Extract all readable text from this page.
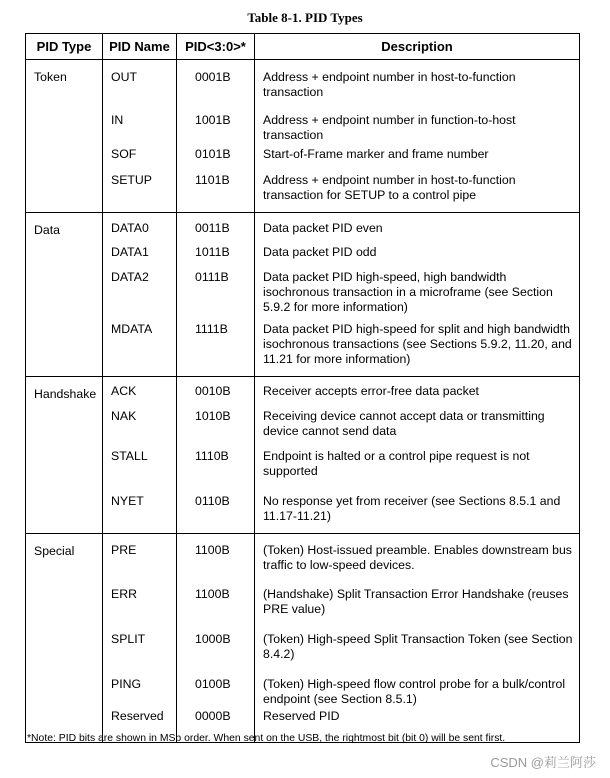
Table 8-1. PID Types
PID Type	PID Name	PID<3:0>*	Description
Token	OUT	0001B	Address + endpoint number in host-to-function transaction

	IN	1001B	Address + endpoint number in function-to-host transaction

	SOF	0101B	Start-of-Frame marker and frame number

	SETUP	1101B	Address + endpoint number in host-to-function transaction for SETUP to a control pipe

Data	DATA0	0011B	Data packet PID even

	DATA1	1011B	Data packet PID odd

	DATA2	0111B	Data packet PID high-speed, high bandwidth isochronous transaction in a microframe (see Section 5.9.2 for more information)

	MDATA	1111B	Data packet PID high-speed for split and high bandwidth isochronous transactions (see Sections 5.9.2, 11.20, and 11.21 for more information)

Handshake	ACK	0010B	Receiver accepts error-free data packet

	NAK	1010B	Receiving device cannot accept data or transmitting device cannot send data

	STALL	1110B	Endpoint is halted or a control pipe request is not supported

	NYET	0110B	No response yet from receiver (see Sections 8.5.1 and 11.17-11.21)

Special	PRE	1100B	(Token) Host-issued preamble. Enables downstream bus traffic to low-speed devices.

	ERR	1100B	(Handshake) Split Transaction Error Handshake (reuses PRE value)

	SPLIT	1000B	(Token) High-speed Split Transaction Token (see Section 8.4.2)

	PING	0100B	(Token) High-speed flow control probe for a bulk/control endpoint (see Section 8.5.1)

	Reserved	0000B	Reserved PID
*Note: PID bits are shown in MSb order. When sent on the USB, the rightmost bit (bit 0) will be sent first.
CSDN @莉兰阿莎
